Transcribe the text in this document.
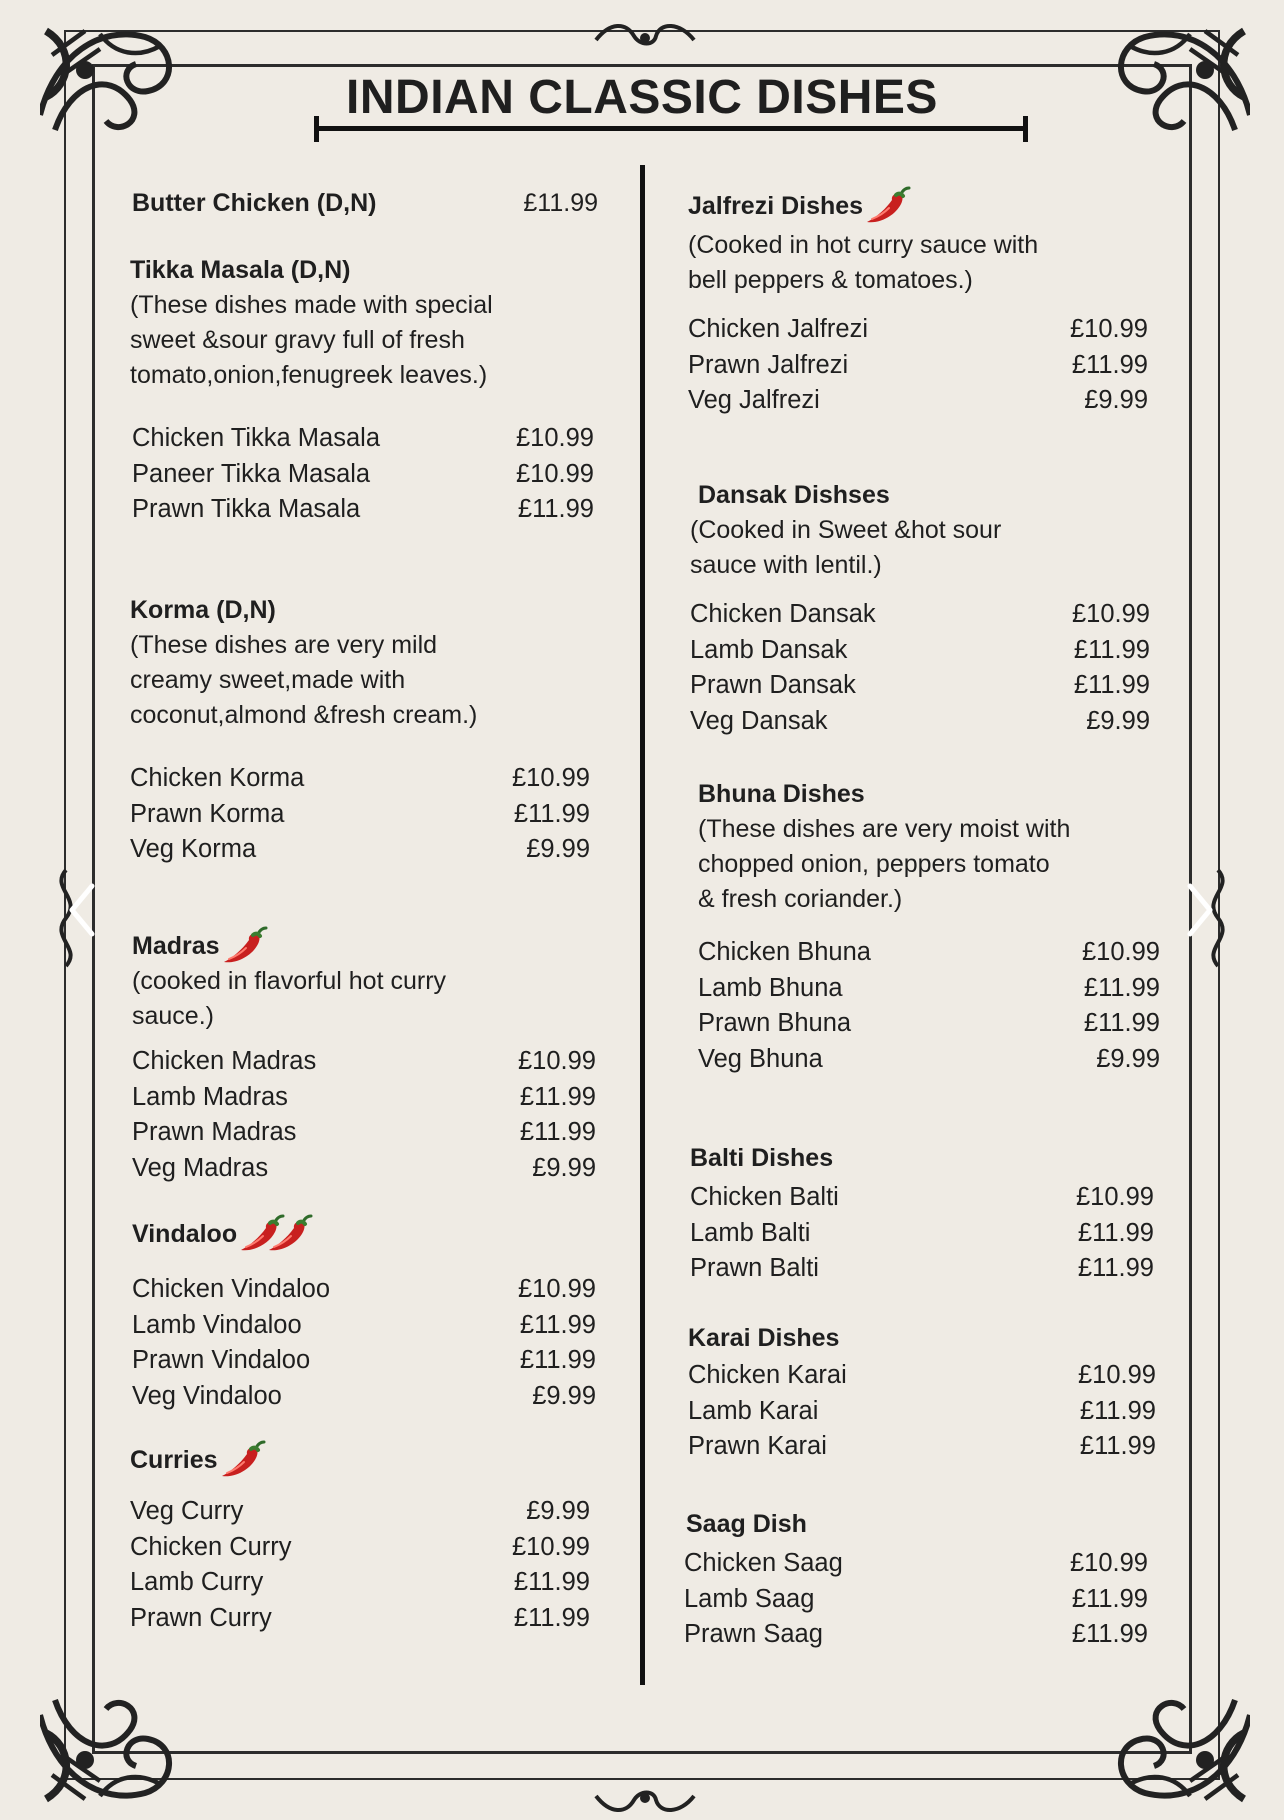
INDIAN CLASSIC DISHES
Butter Chicken (D,N)	£11.99
Tikka Masala (D,N)
(These dishes made with special
sweet &sour gravy full of fresh
tomato,onion,fenugreek leaves.)
Chicken Tikka Masala	£10.99
Paneer Tikka Masala	£10.99
Prawn Tikka Masala	£11.99
Korma (D,N)
(These dishes are very mild
creamy sweet,made with
coconut,almond &fresh cream.)
Chicken Korma	£10.99
Prawn Korma	£11.99
Veg Korma	£9.99
Madras
(cooked in flavorful hot curry
sauce.)
Chicken Madras	£10.99
Lamb Madras	£11.99
Prawn Madras	£11.99
Veg Madras	£9.99
Vindaloo
Chicken Vindaloo	£10.99
Lamb Vindaloo	£11.99
Prawn Vindaloo	£11.99
Veg Vindaloo	£9.99
Curries
Veg Curry	£9.99
Chicken Curry	£10.99
Lamb Curry	£11.99
Prawn Curry	£11.99
Jalfrezi Dishes
(Cooked in hot curry sauce with
bell peppers & tomatoes.)
Chicken Jalfrezi	£10.99
Prawn Jalfrezi	£11.99
Veg Jalfrezi	£9.99
Dansak Dishses
(Cooked in Sweet &hot sour
sauce with lentil.)
Chicken Dansak	£10.99
Lamb Dansak	£11.99
Prawn Dansak	£11.99
Veg Dansak	£9.99
Bhuna Dishes
(These dishes are very moist with
chopped onion, peppers tomato
& fresh coriander.)
Chicken Bhuna	£10.99
Lamb Bhuna	£11.99
Prawn Bhuna	£11.99
Veg Bhuna	£9.99
Balti Dishes
Chicken Balti	£10.99
Lamb Balti	£11.99
Prawn Balti	£11.99
Karai Dishes
Chicken Karai	£10.99
Lamb Karai	£11.99
Prawn Karai	£11.99
Saag Dish
Chicken Saag	£10.99
Lamb Saag	£11.99
Prawn Saag	£11.99
